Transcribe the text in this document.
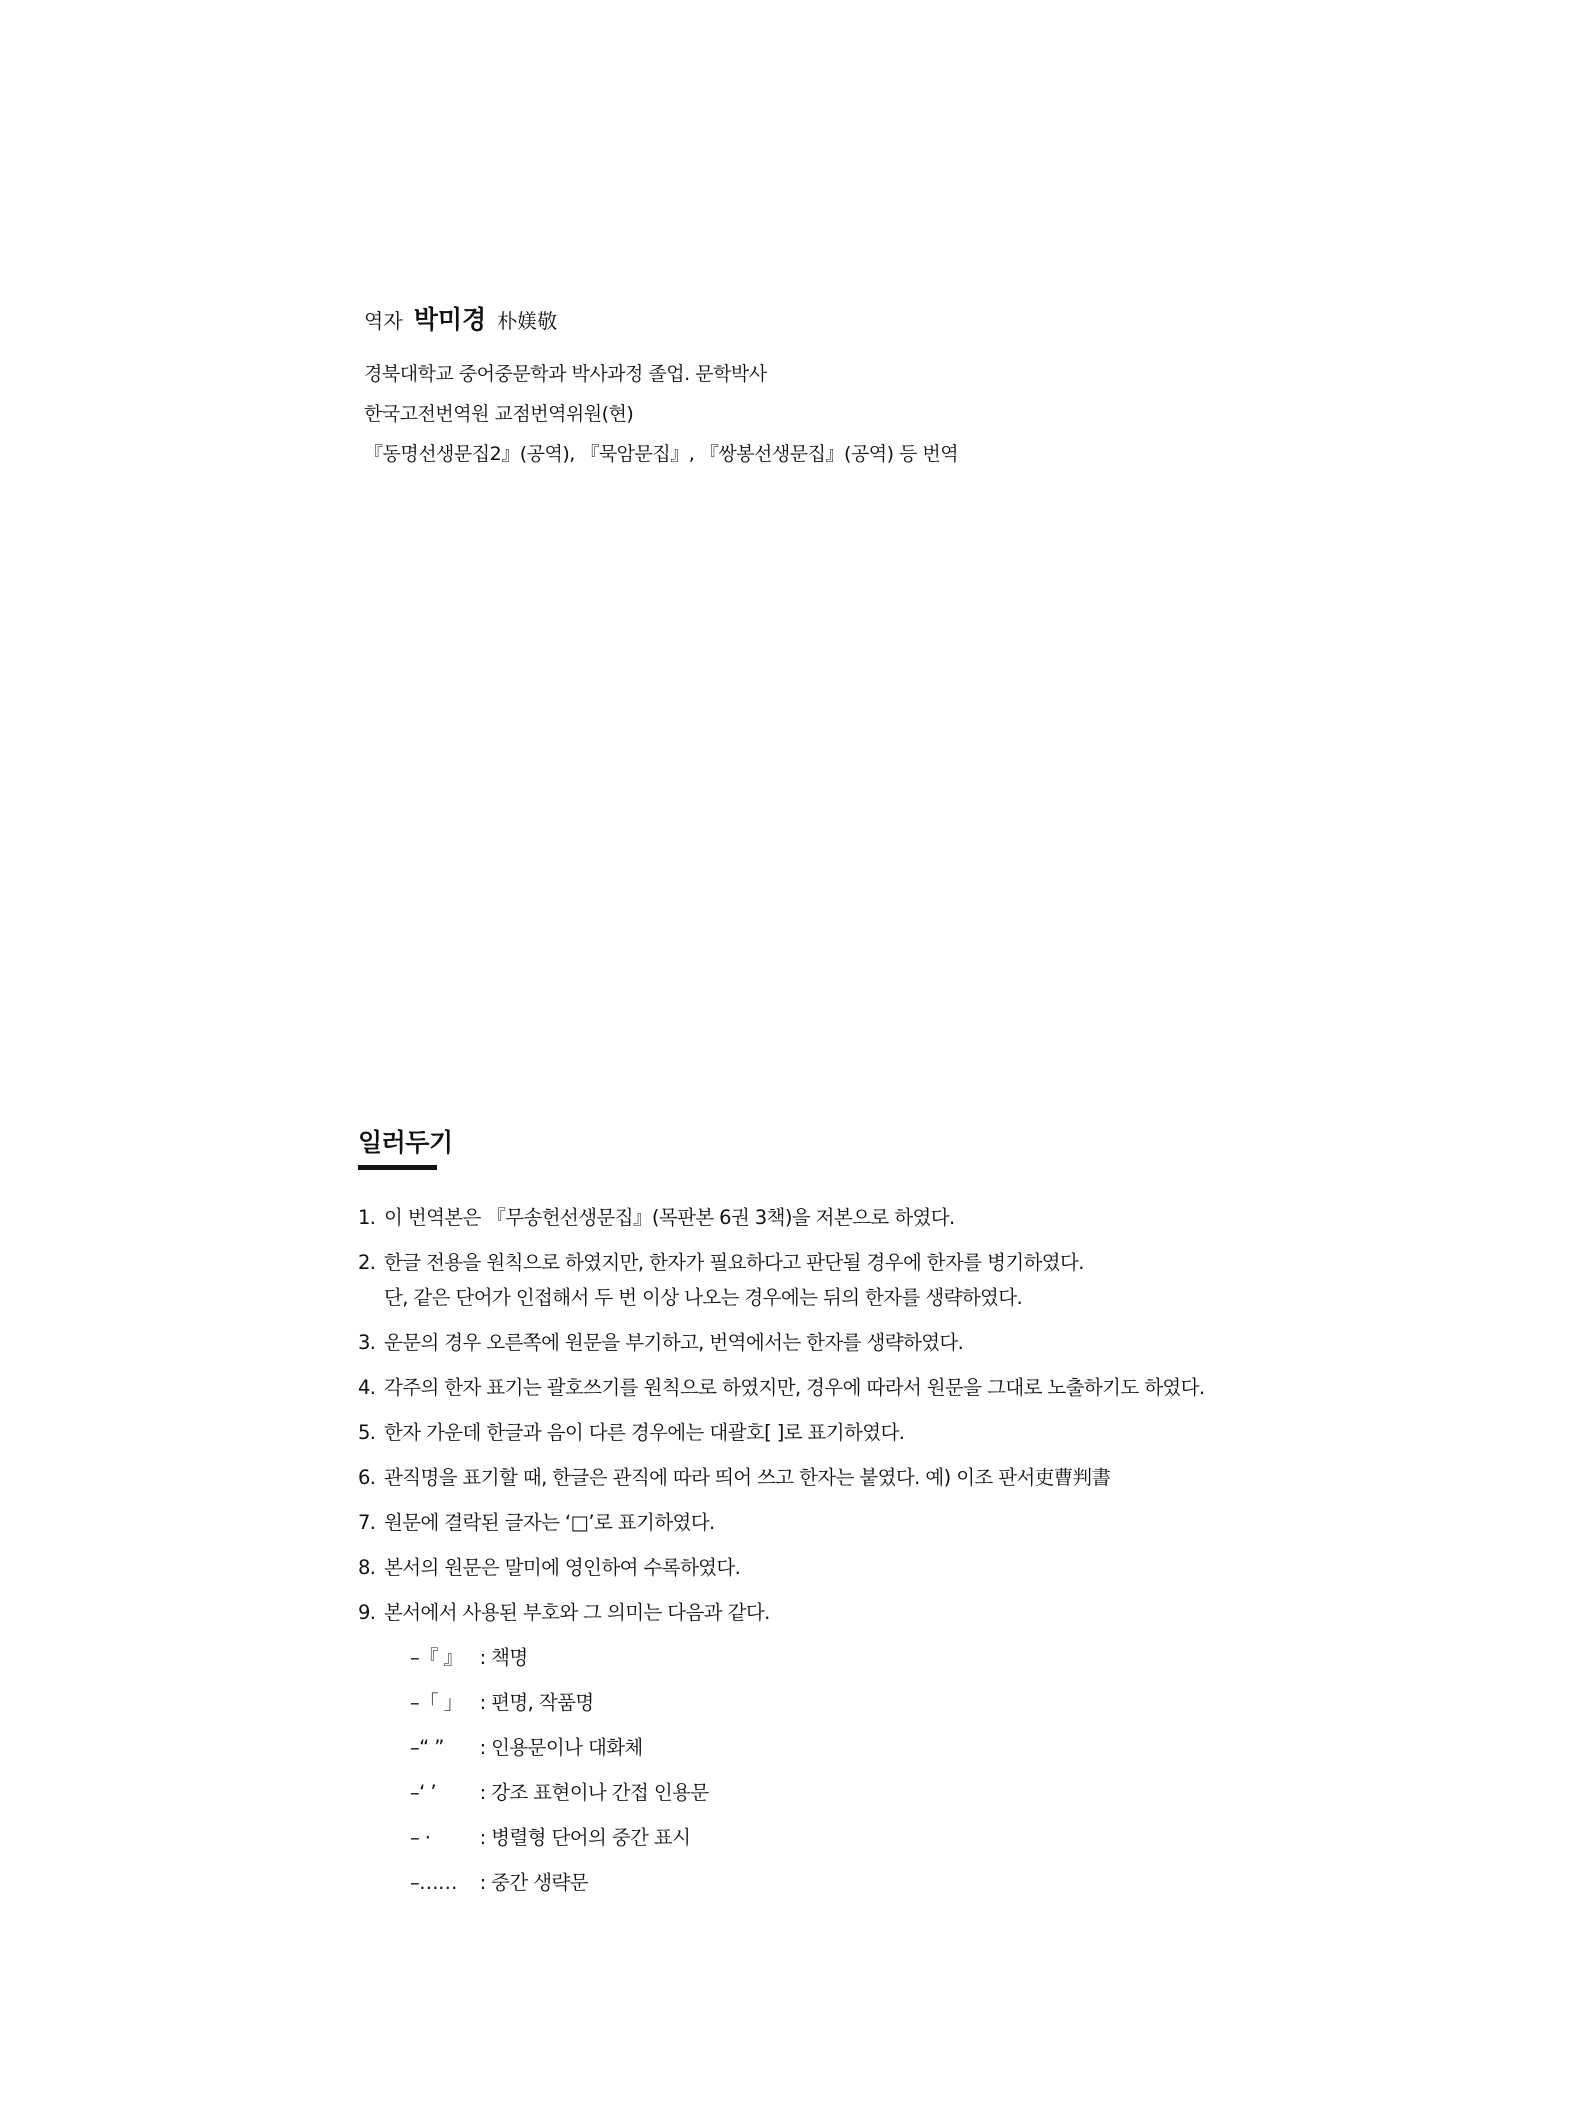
역자 박미경 朴媄敬
경북대학교 중어중문학과 박사과정 졸업. 문학박사
한국고전번역원 교점번역위원(현)
『동명선생문집2』(공역), 『묵암문집』, 『쌍봉선생문집』(공역) 등 번역
일러두기
1. 이 번역본은 『무송헌선생문집』(목판본 6권 3책)을 저본으로 하였다.
2. 한글 전용을 원칙으로 하였지만, 한자가 필요하다고 판단될 경우에 한자를 병기하였다.
단, 같은 단어가 인접해서 두 번 이상 나오는 경우에는 뒤의 한자를 생략하였다.
3. 운문의 경우 오른쪽에 원문을 부기하고, 번역에서는 한자를 생략하였다.
4. 각주의 한자 표기는 괄호쓰기를 원칙으로 하였지만, 경우에 따라서 원문을 그대로 노출하기도 하였다.
5. 한자 가운데 한글과 음이 다른 경우에는 대괄호[ ]로 표기하였다.
6. 관직명을 표기할 때, 한글은 관직에 따라 띄어 쓰고 한자는 붙였다. 예) 이조 판서吏曹判書
7. 원문에 결락된 글자는 ‘□’로 표기하였다.
8. 본서의 원문은 말미에 영인하여 수록하였다.
9. 본서에서 사용된 부호와 그 의미는 다음과 같다.
–『 』 : 책명
–「 」 : 편명, 작품명
–“ ” : 인용문이나 대화체
–‘ ’ : 강조 표현이나 간접 인용문
– ·	: 병렬형 단어의 중간 표시
–…… : 중간 생략문
